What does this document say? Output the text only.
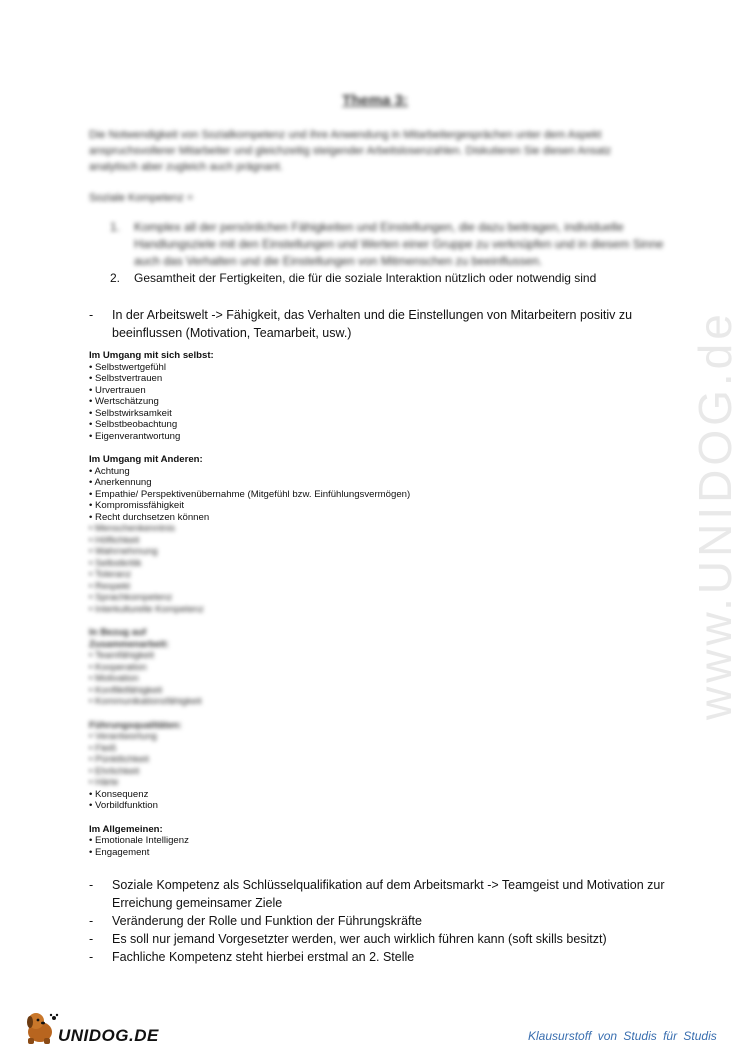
www.UNIDOG.de
Thema 3:
Die Notwendigkeit von Sozialkompetenz und ihre Anwendung in Mitarbeitergesprächen unter dem Aspekt anspruchsvollerer Mitarbeiter und gleichzeitig steigender Arbeitslosenzahlen. Diskutieren Sie diesen Ansatz analytisch aber zugleich auch prägnant.
Soziale Kompetenz =
1.	Komplex all der persönlichen Fähigkeiten und Einstellungen, die dazu beitragen, individuelle Handlungsziele mit den Einstellungen und Werten einer Gruppe zu verknüpfen und in diesem Sinne auch das Verhalten und die Einstellungen von Mitmenschen zu beeinflussen.
2.	Gesamtheit der Fertigkeiten, die für die soziale Interaktion nützlich oder notwendig sind
-	In der Arbeitswelt -> Fähigkeit, das Verhalten und die Einstellungen von Mitarbeitern positiv zu beeinflussen (Motivation, Teamarbeit, usw.)
Im Umgang mit sich selbst:
• Selbstwertgefühl
• Selbstvertrauen
• Urvertrauen
• Wertschätzung
• Selbstwirksamkeit
• Selbstbeobachtung
• Eigenverantwortung
Im Umgang mit Anderen:
• Achtung
• Anerkennung
• Empathie/ Perspektivenübernahme (Mitgefühl bzw. Einfühlungsvermögen)
• Kompromissfähigkeit
• Recht durchsetzen können
• Menschenkenntnis
• Höflichkeit
• Wahrnehmung
• Selbstkritik
• Toleranz
• Respekt
• Sprachkompetenz
• Interkulturelle Kompetenz
In Bezug auf Zusammenarbeit:
• Teamfähigkeit
• Kooperation
• Motivation
• Konfliktfähigkeit
• Kommunikationsfähigkeit
Führungsqualitäten:
• Verantwortung
• Fleiß
• Pünktlichkeit
• Ehrlichkeit
• Härte
• Konsequenz
• Vorbildfunktion
Im Allgemeinen:
• Emotionale Intelligenz
• Engagement
-	Soziale Kompetenz als Schlüsselqualifikation auf dem Arbeitsmarkt -> Teamgeist und Motivation zur Erreichung gemeinsamer Ziele
-	Veränderung der Rolle und Funktion der Führungskräfte
-	Es soll nur jemand Vorgesetzter werden, wer auch wirklich führen kann (soft skills besitzt)
-	Fachliche Kompetenz steht hierbei erstmal an 2. Stelle
UNIDOG.DE	Klausurstoff von Studis für Studis
